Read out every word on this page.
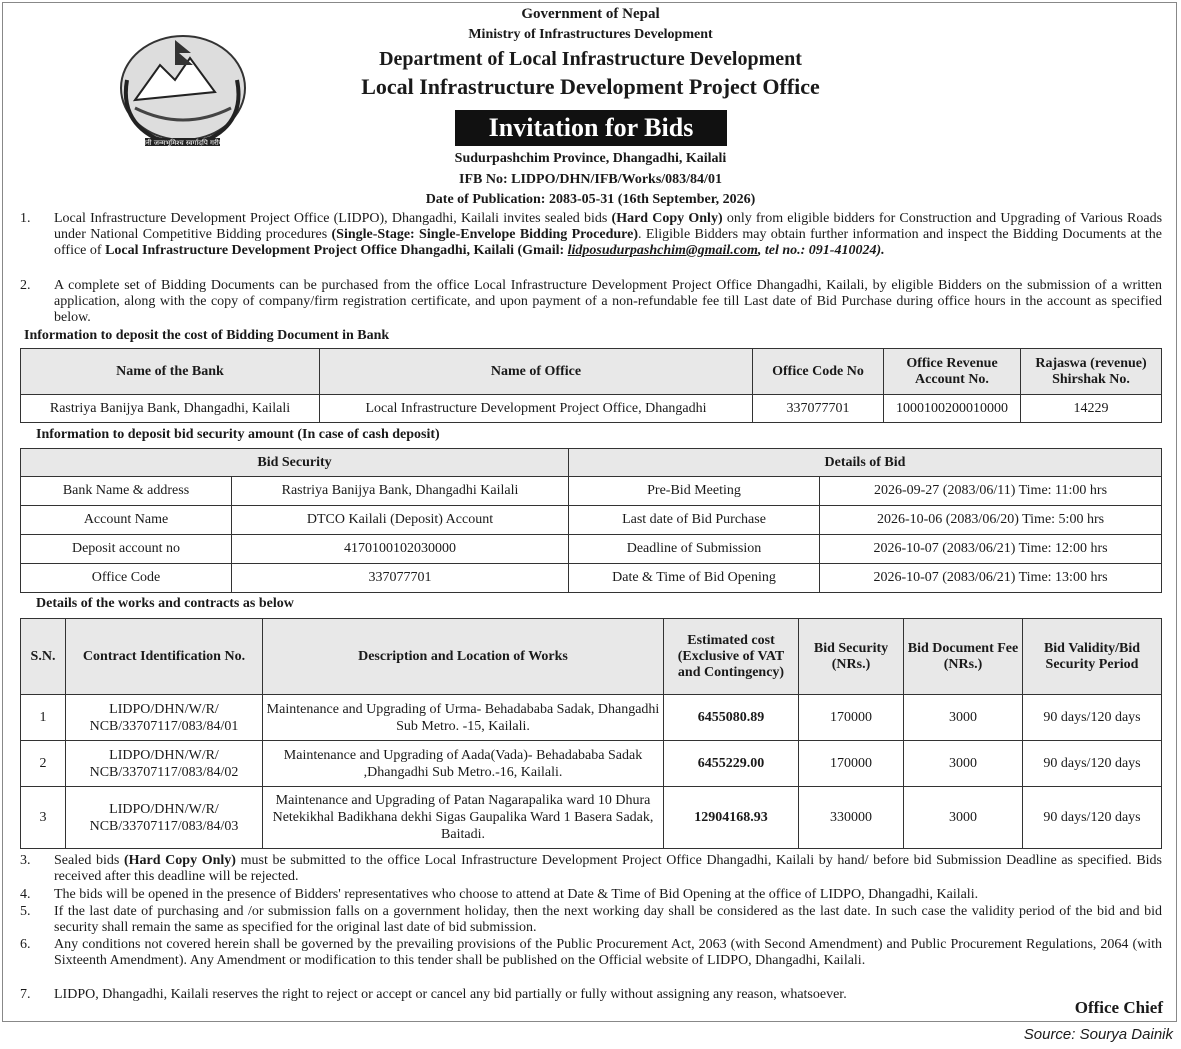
जननी जन्मभूमिश्च स्वर्गादपि गरीयसी
Government of Nepal
Ministry of Infrastructures Development
Department of Local Infrastructure Development
Local Infrastructure Development Project Office
Invitation for Bids
Sudurpashchim Province, Dhangadhi, Kailali
IFB No: LIDPO/DHN/IFB/Works/083/84/01
Date of Publication: 2083-05-31 (16th September, 2026)
1.	Local Infrastructure Development Project Office (LIDPO), Dhangadhi, Kailali invites sealed bids (Hard Copy Only) only from eligible bidders for Construction and Upgrading of Various Roads under National Competitive Bidding procedures (Single-Stage: Single-Envelope Bidding Procedure). Eligible Bidders may obtain further information and inspect the Bidding Documents at the office of Local Infrastructure Development Project Office Dhangadhi, Kailali (Gmail: lidposudurpashchim@gmail.com, tel no.: 091-410024).
2.	A complete set of Bidding Documents can be purchased from the office Local Infrastructure Development Project Office Dhangadhi, Kailali, by eligible Bidders on the submission of a written application, along with the copy of company/firm registration certificate, and upon payment of a non-refundable fee till Last date of Bid Purchase during office hours in the account as specified below.
Information to deposit the cost of Bidding Document in Bank
Name of the Bank	Name of Office	Office Code No	Office Revenue Account No.	Rajaswa (revenue) Shirshak No.
Rastriya Banijya Bank, Dhangadhi, Kailali	Local Infrastructure Development Project Office, Dhangadhi	337077701	1000100200010000	14229
Information to deposit bid security amount (In case of cash deposit)
Bid Security		Details of Bid	
Bank Name & address	Rastriya Banijya Bank, Dhangadhi Kailali	Pre-Bid Meeting	2026-09-27 (2083/06/11) Time: 11:00 hrs
Account Name	DTCO Kailali (Deposit) Account	Last date of Bid Purchase	2026-10-06 (2083/06/20) Time: 5:00 hrs
Deposit account no	4170100102030000	Deadline of Submission	2026-10-07 (2083/06/21) Time: 12:00 hrs
Office Code	337077701	Date & Time of Bid Opening	2026-10-07 (2083/06/21) Time: 13:00 hrs
Details of the works and contracts as below
S.N.	Contract Identification No.	Description and Location of Works	Estimated cost (Exclusive of VAT and Contingency)	Bid Security (NRs.)	Bid Document Fee (NRs.)	Bid Validity/Bid Security Period
1	LIDPO/DHN/W/R/ NCB/33707117/083/84/01	Maintenance and Upgrading of Urma- Behadababa Sadak, Dhangadhi Sub Metro. -15, Kailali.	6455080.89	170000	3000	90 days/120 days
2	LIDPO/DHN/W/R/ NCB/33707117/083/84/02	Maintenance and Upgrading of Aada(Vada)- Behadababa Sadak ,Dhangadhi Sub Metro.-16, Kailali.	6455229.00	170000	3000	90 days/120 days
3	LIDPO/DHN/W/R/ NCB/33707117/083/84/03	Maintenance and Upgrading of Patan Nagarapalika ward 10 Dhura Netekikhal Badikhana dekhi Sigas Gaupalika Ward 1 Basera Sadak, Baitadi.	12904168.93	330000	3000	90 days/120 days
3.	Sealed bids (Hard Copy Only) must be submitted to the office Local Infrastructure Development Project Office Dhangadhi, Kailali by hand/ before bid Submission Deadline as specified. Bids received after this deadline will be rejected.
4.	The bids will be opened in the presence of Bidders' representatives who choose to attend at Date & Time of Bid Opening at the office of LIDPO, Dhangadhi, Kailali.
5.	If the last date of purchasing and /or submission falls on a government holiday, then the next working day shall be considered as the last date. In such case the validity period of the bid and bid security shall remain the same as specified for the original last date of bid submission.
6.	Any conditions not covered herein shall be governed by the prevailing provisions of the Public Procurement Act, 2063 (with Second Amendment) and Public Procurement Regulations, 2064 (with Sixteenth Amendment). Any Amendment or modification to this tender shall be published on the Official website of LIDPO, Dhangadhi, Kailali.
7.	LIDPO, Dhangadhi, Kailali reserves the right to reject or accept or cancel any bid partially or fully without assigning any reason, whatsoever.
Office Chief
Source: Sourya Dainik
